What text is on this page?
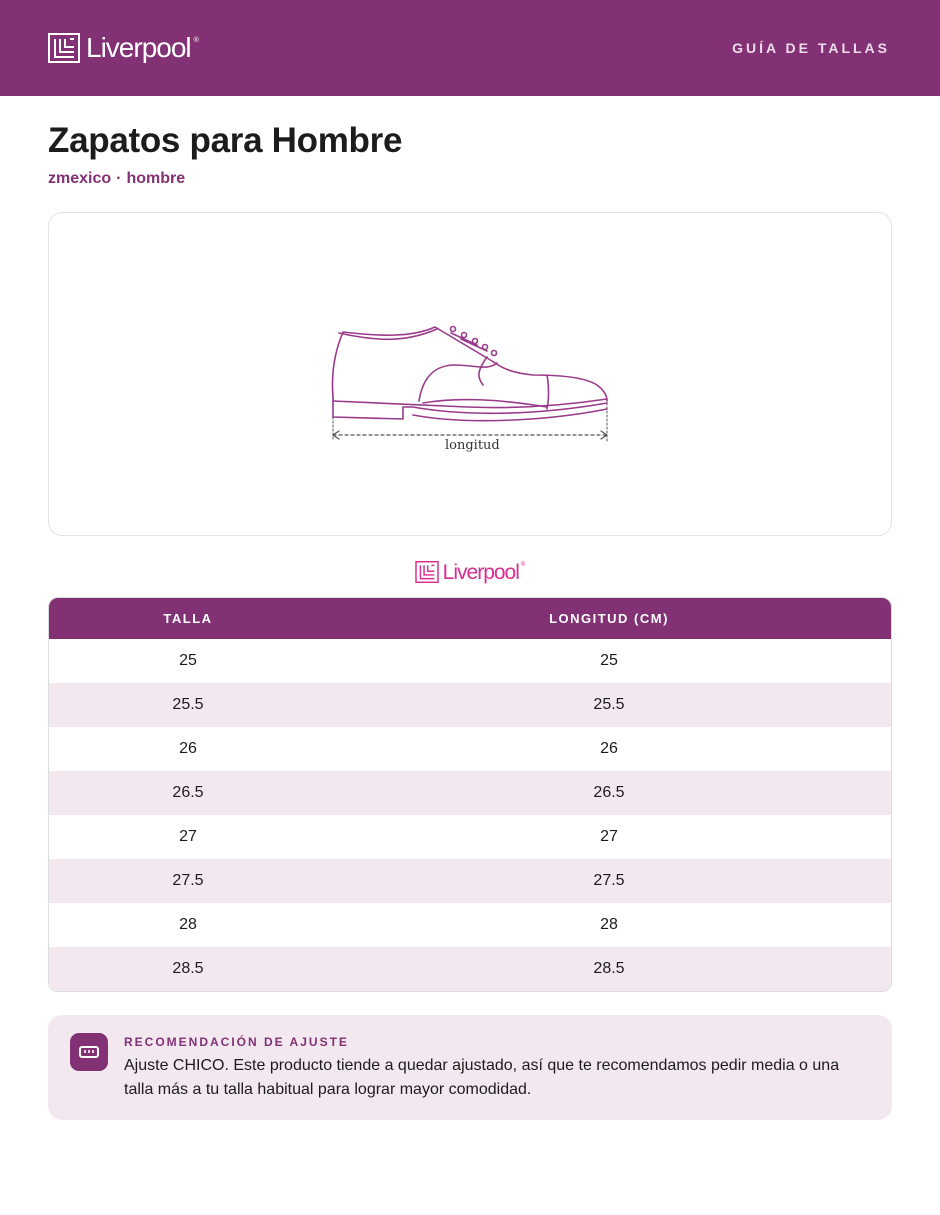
Liverpool ®	GUÍA DE TALLAS
Zapatos para Hombre
zmexico · hombre
longitud
Liverpool ®
TALLA	LONGITUD (CM)
25	25
25.5	25.5
26	26
26.5	26.5
27	27
27.5	27.5
28	28
28.5	28.5
RECOMENDACIÓN DE AJUSTE

Ajuste CHICO. Este producto tiende a quedar ajustado, así que te recomendamos pedir media o una talla más a tu talla habitual para lograr mayor comodidad.
